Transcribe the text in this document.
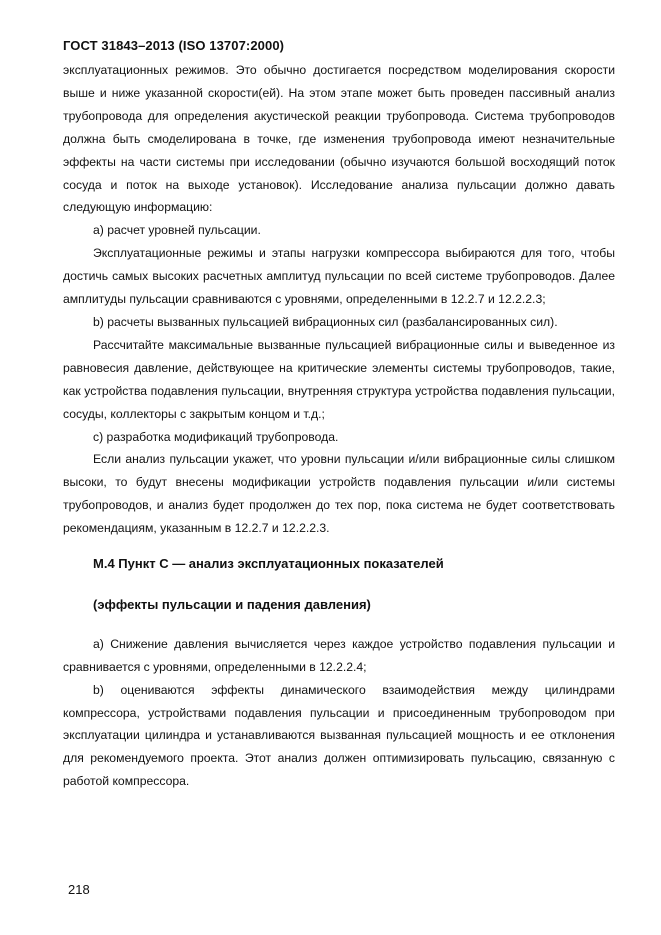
ГОСТ 31843–2013 (ISO 13707:2000)

эксплуатационных режимов. Это обычно достигается посредством моделирования скорости выше и ниже указанной скорости(ей). На этом этапе может быть проведен пассивный анализ трубопровода для определения акустической реакции трубопровода. Система трубопроводов должна быть смоделирована в точке, где изменения трубопровода имеют незначительные эффекты на части системы при исследовании (обычно изучаются большой восходящий поток сосуда и поток на выходе установок). Исследование анализа пульсации должно давать следующую информацию:

a) расчет уровней пульсации.

Эксплуатационные режимы и этапы нагрузки компрессора выбираются для того, чтобы достичь самых высоких расчетных амплитуд пульсации по всей системе трубопроводов. Далее амплитуды пульсации сравниваются с уровнями, определенными в 12.2.7 и 12.2.2.3;

b) расчеты вызванных пульсацией вибрационных сил (разбалансированных сил).

Рассчитайте максимальные вызванные пульсацией вибрационные силы и выведенное из равновесия давление, действующее на критические элементы системы трубопроводов, такие, как устройства подавления пульсации, внутренняя структура устройства подавления пульсации, сосуды, коллекторы с закрытым концом и т.д.;

c) разработка модификаций трубопровода.

Если анализ пульсации укажет, что уровни пульсации и/или вибрационные силы слишком высоки, то будут внесены модификации устройств подавления пульсации и/или системы трубопроводов, и анализ будет продолжен до тех пор, пока система не будет соответствовать рекомендациям, указанным в 12.2.7 и 12.2.2.3.

М.4 Пункт С — анализ эксплуатационных показателей

(эффекты пульсации и падения давления)

a) Снижение давления вычисляется через каждое устройство подавления пульсации и сравнивается с уровнями, определенными в 12.2.2.4;

b) оцениваются эффекты динамического взаимодействия между цилиндрами компрессора, устройствами подавления пульсации и присоединенным трубопроводом при эксплуатации цилиндра и устанавливаются вызванная пульсацией мощность и ее отклонения для рекомендуемого проекта. Этот анализ должен оптимизировать пульсацию, связанную с работой компрессора.

218
